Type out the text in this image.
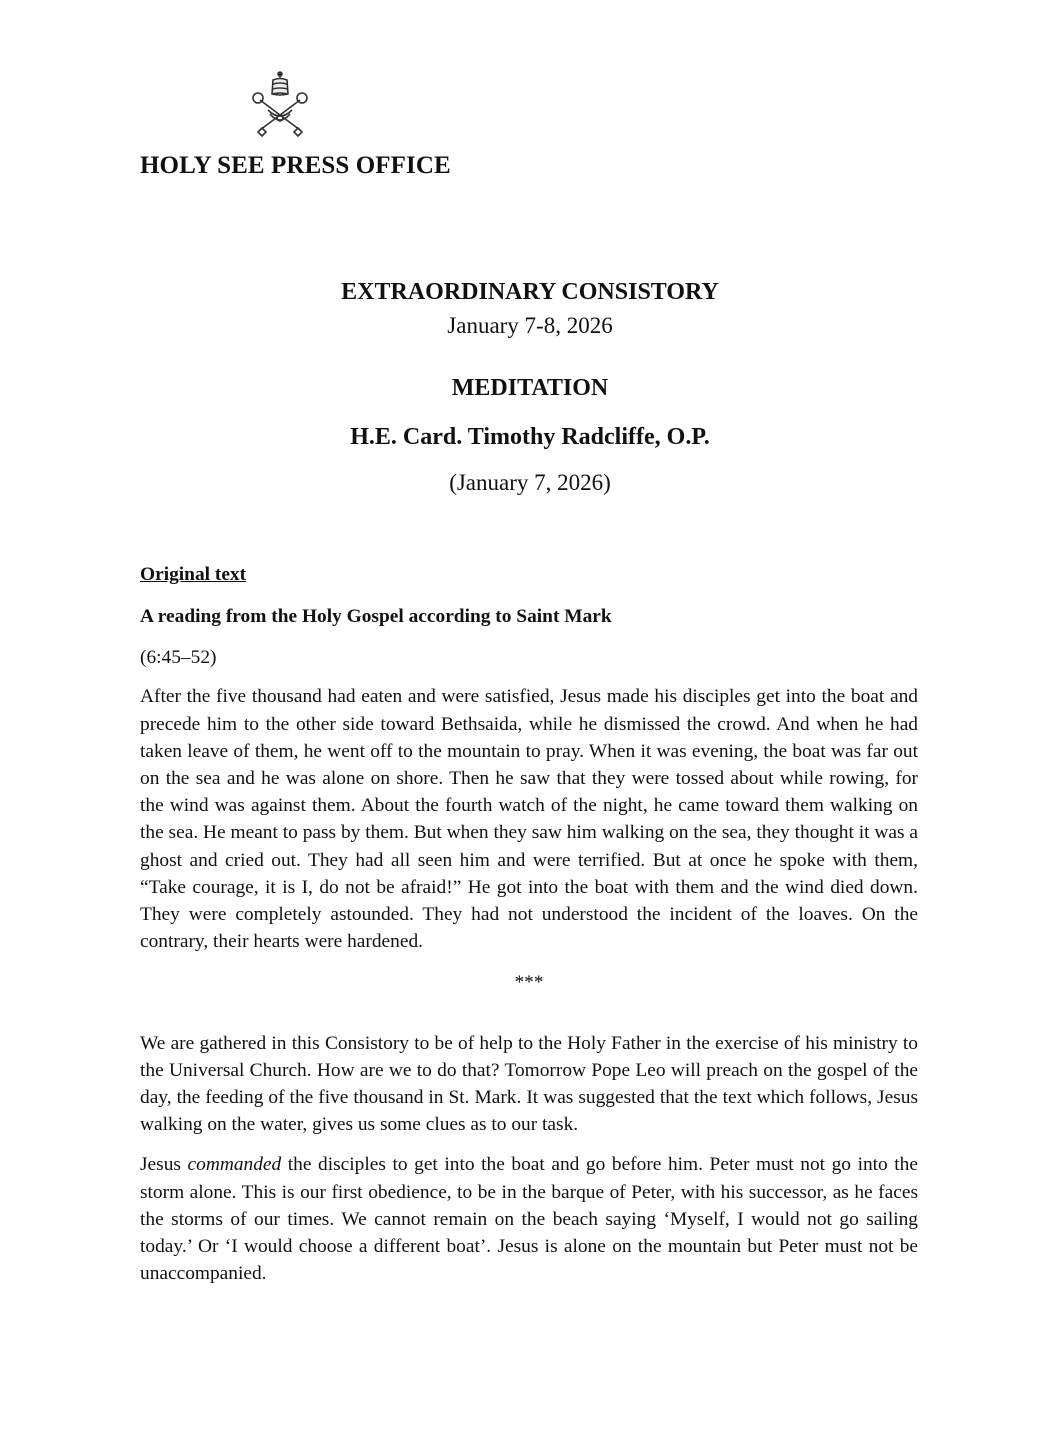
HOLY SEE PRESS OFFICE
EXTRAORDINARY CONSISTORY
January 7-8, 2026
MEDITATION
H.E. Card. Timothy Radcliffe, O.P.
(January 7, 2026)

Original text

A reading from the Holy Gospel according to Saint Mark

(6:45–52)

After the five thousand had eaten and were satisfied, Jesus made his disciples get into the boat and precede him to the other side toward Bethsaida, while he dismissed the crowd. And when he had taken leave of them, he went off to the mountain to pray. When it was evening, the boat was far out on the sea and he was alone on shore. Then he saw that they were tossed about while rowing, for the wind was against them. About the fourth watch of the night, he came toward them walking on the sea. He meant to pass by them. But when they saw him walking on the sea, they thought it was a ghost and cried out. They had all seen him and were terrified. But at once he spoke with them, “Take courage, it is I, do not be afraid!” He got into the boat with them and the wind died down. They were completely astounded. They had not understood the incident of the loaves. On the contrary, their hearts were hardened.

***

We are gathered in this Consistory to be of help to the Holy Father in the exercise of his ministry to the Universal Church. How are we to do that? Tomorrow Pope Leo will preach on the gospel of the day, the feeding of the five thousand in St. Mark. It was suggested that the text which follows, Jesus walking on the water, gives us some clues as to our task.

Jesus commanded the disciples to get into the boat and go before him. Peter must not go into the storm alone. This is our first obedience, to be in the barque of Peter, with his successor, as he faces the storms of our times. We cannot remain on the beach saying ‘Myself, I would not go sailing today.’ Or ‘I would choose a different boat’. Jesus is alone on the mountain but Peter must not be unaccompanied.
